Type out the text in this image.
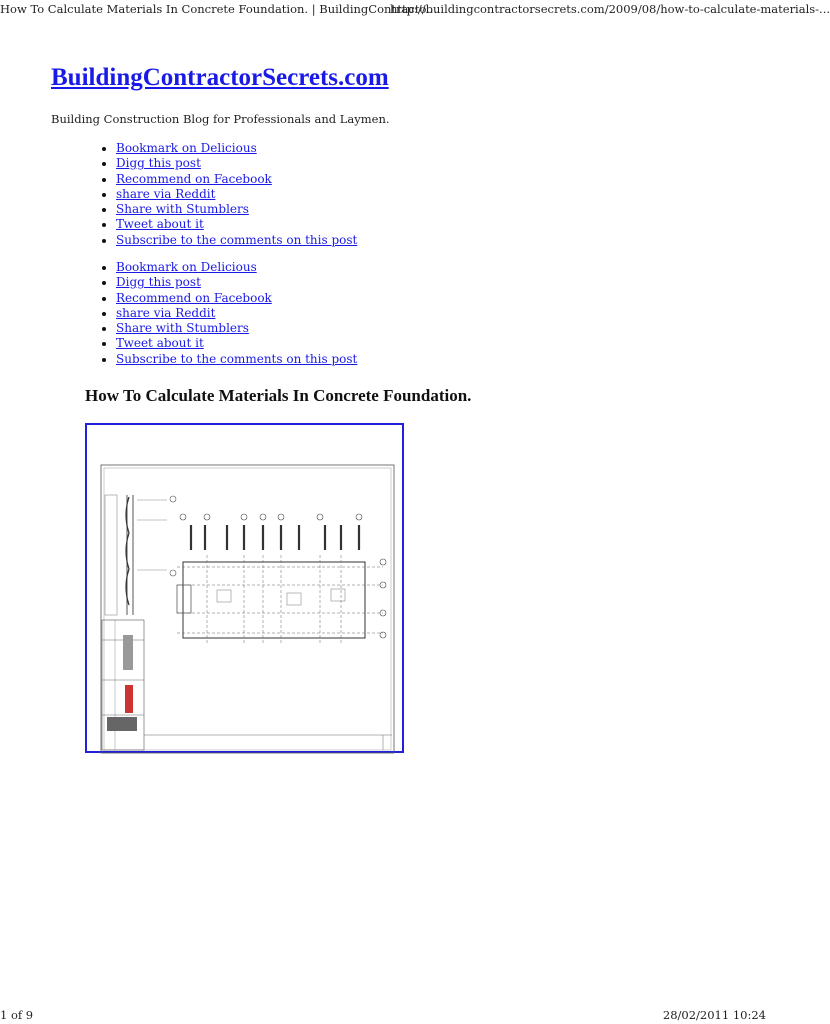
How To Calculate Materials In Concrete Foundation. | BuildingContracto...
http://buildingcontractorsecrets.com/2009/08/how-to-calculate-materials-...
BuildingContractorSecrets.com
Building Construction Blog for Professionals and Laymen.
• Bookmark on Delicious
• Digg this post
• Recommend on Facebook
• share via Reddit
• Share with Stumblers
• Tweet about it
• Subscribe to the comments on this post
• Bookmark on Delicious
• Digg this post
• Recommend on Facebook
• share via Reddit
• Share with Stumblers
• Tweet about it
• Subscribe to the comments on this post
How To Calculate Materials In Concrete Foundation.
1 of 9	28/02/2011 10:24
